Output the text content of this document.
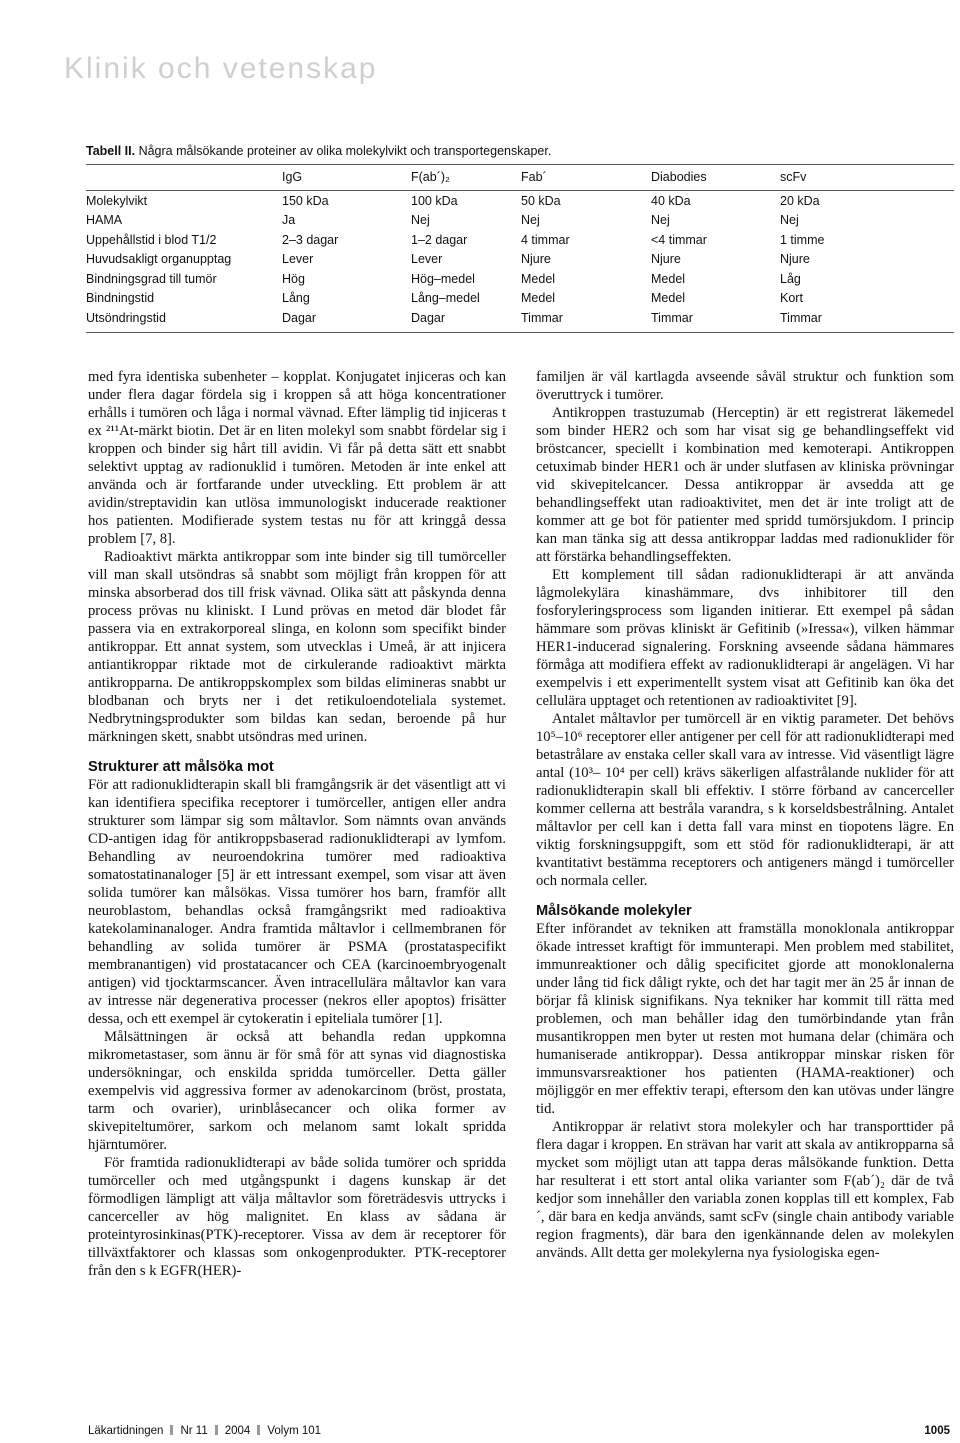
Klinik och vetenskap
Tabell II. Några målsökande proteiner av olika molekylvikt och transportegenskaper.
	IgG	F(ab´)₂	Fab´	Diabodies	scFv
Molekylvikt	150 kDa	100 kDa	50 kDa	40 kDa	20 kDa
HAMA	Ja	Nej	Nej	Nej	Nej
Uppehållstid i blod T1/2	2–3 dagar	1–2 dagar	4 timmar	<4 timmar	1 timme
Huvudsakligt organupptag	Lever	Lever	Njure	Njure	Njure
Bindningsgrad till tumör	Hög	Hög–medel	Medel	Medel	Låg
Bindningstid	Lång	Lång–medel	Medel	Medel	Kort
Utsöndringstid	Dagar	Dagar	Timmar	Timmar	Timmar

med fyra identiska subenheter – kopplat. Konjugatet injiceras och kan under flera dagar fördela sig i kroppen så att höga koncentrationer erhålls i tumören och låga i normal vävnad. Efter lämplig tid injiceras t ex ²¹¹At-märkt biotin. Det är en liten molekyl som snabbt fördelar sig i kroppen och binder sig hårt till avidin. Vi får på detta sätt ett snabbt selektivt upptag av radionuklid i tumören. Metoden är inte enkel att använda och är fortfarande under utveckling. Ett problem är att avidin/streptavidin kan utlösa immunologiskt inducerade reaktioner hos patienten. Modifierade system testas nu för att kringgå dessa problem [7, 8].

Radioaktivt märkta antikroppar som inte binder sig till tumörceller vill man skall utsöndras så snabbt som möjligt från kroppen för att minska absorberad dos till frisk vävnad. Olika sätt att påskynda denna process prövas nu kliniskt. I Lund prövas en metod där blodet får passera via en extrakorporeal slinga, en kolonn som specifikt binder antikroppar. Ett annat system, som utvecklas i Umeå, är att injicera antiantikroppar riktade mot de cirkulerande radioaktivt märkta antikropparna. De antikroppskomplex som bildas elimineras snabbt ur blodbanan och bryts ner i det retikuloendoteliala systemet. Nedbrytningsprodukter som bildas kan sedan, beroende på hur märkningen skett, snabbt utsöndras med urinen.

Strukturer att målsöka mot

För att radionuklidterapin skall bli framgångsrik är det väsentligt att vi kan identifiera specifika receptorer i tumörceller, antigen eller andra strukturer som lämpar sig som måltavlor. Som nämnts ovan används CD-antigen idag för antikroppsbaserad radionuklidterapi av lymfom. Behandling av neuroendokrina tumörer med radioaktiva somatostatinanaloger [5] är ett intressant exempel, som visar att även solida tumörer kan målsökas. Vissa tumörer hos barn, framför allt neuroblastom, behandlas också framgångsrikt med radioaktiva katekolaminanaloger. Andra framtida måltavlor i cellmembranen för behandling av solida tumörer är PSMA (prostataspecifikt membranantigen) vid prostatacancer och CEA (karcinoembryogenalt antigen) vid tjocktarmscancer. Även intracellulära måltavlor kan vara av intresse när degenerativa processer (nekros eller apoptos) frisätter dessa, och ett exempel är cytokeratin i epiteliala tumörer [1].

Målsättningen är också att behandla redan uppkomna mikrometastaser, som ännu är för små för att synas vid diagnostiska undersökningar, och enskilda spridda tumörceller. Detta gäller exempelvis vid aggressiva former av adenokarcinom (bröst, prostata, tarm och ovarier), urinblåsecancer och olika former av skivepiteltumörer, sarkom och melanom samt lokalt spridda hjärntumörer.

För framtida radionuklidterapi av både solida tumörer och spridda tumörceller och med utgångspunkt i dagens kunskap är det förmodligen lämpligt att välja måltavlor som företrädesvis uttrycks i cancerceller av hög malignitet. En klass av sådana är proteintyrosinkinas(PTK)-receptorer. Vissa av dem är receptorer för tillväxtfaktorer och klassas som onkogenprodukter. PTK-receptorer från den s k EGFR(HER)-

familjen är väl kartlagda avseende såväl struktur och funktion som överuttryck i tumörer.

Antikroppen trastuzumab (Herceptin) är ett registrerat läkemedel som binder HER2 och som har visat sig ge behandlingseffekt vid bröstcancer, speciellt i kombination med kemoterapi. Antikroppen cetuximab binder HER1 och är under slutfasen av kliniska prövningar vid skivepitelcancer. Dessa antikroppar är avsedda att ge behandlingseffekt utan radioaktivitet, men det är inte troligt att de kommer att ge bot för patienter med spridd tumörsjukdom. I princip kan man tänka sig att dessa antikroppar laddas med radionuklider för att förstärka behandlingseffekten.

Ett komplement till sådan radionuklidterapi är att använda lågmolekylära kinashämmare, dvs inhibitorer till den fosforyleringsprocess som liganden initierar. Ett exempel på sådan hämmare som prövas kliniskt är Gefitinib (»Iressa«), vilken hämmar HER1-inducerad signalering. Forskning avseende sådana hämmares förmåga att modifiera effekt av radionuklidterapi är angelägen. Vi har exempelvis i ett experimentellt system visat att Gefitinib kan öka det cellulära upptaget och retentionen av radioaktivitet [9].

Antalet måltavlor per tumörcell är en viktig parameter. Det behövs 10⁵–10⁶ receptorer eller antigener per cell för att radionuklidterapi med betastrålare av enstaka celler skall vara av intresse. Vid väsentligt lägre antal (10³– 10⁴ per cell) krävs säkerligen alfastrålande nuklider för att radionuklidterapin skall bli effektiv. I större förband av cancerceller kommer cellerna att bestråla varandra, s k korseldsbestrålning. Antalet måltavlor per cell kan i detta fall vara minst en tiopotens lägre. En viktig forskningsuppgift, som ett stöd för radionuklidterapi, är att kvantitativt bestämma receptorers och antigeners mängd i tumörceller och normala celler.

Målsökande molekyler

Efter införandet av tekniken att framställa monoklonala antikroppar ökade intresset kraftigt för immunterapi. Men problem med stabilitet, immunreaktioner och dålig specificitet gjorde att monoklonalerna under lång tid fick dåligt rykte, och det har tagit mer än 25 år innan de börjar få klinisk signifikans. Nya tekniker har kommit till rätta med problemen, och man behåller idag den tumörbindande ytan från musantikroppen men byter ut resten mot humana delar (chimära och humaniserade antikroppar). Dessa antikroppar minskar risken för immunsvarsreaktioner hos patienten (HAMA-reaktioner) och möjliggör en mer effektiv terapi, eftersom den kan utövas under längre tid.

Antikroppar är relativt stora molekyler och har transporttider på flera dagar i kroppen. En strävan har varit att skala av antikropparna så mycket som möjligt utan att tappa deras målsökande funktion. Detta har resulterat i ett stort antal olika varianter som F(ab´)₂ där de två kedjor som innehåller den variabla zonen kopplas till ett komplex, Fab´, där bara en kedja används, samt scFv (single chain antibody variable region fragments), där bara den igenkännande delen av molekylen används. Allt detta ger molekylerna nya fysiologiska egen-

Läkartidningen Nr 11 2004 Volym 101	1005
